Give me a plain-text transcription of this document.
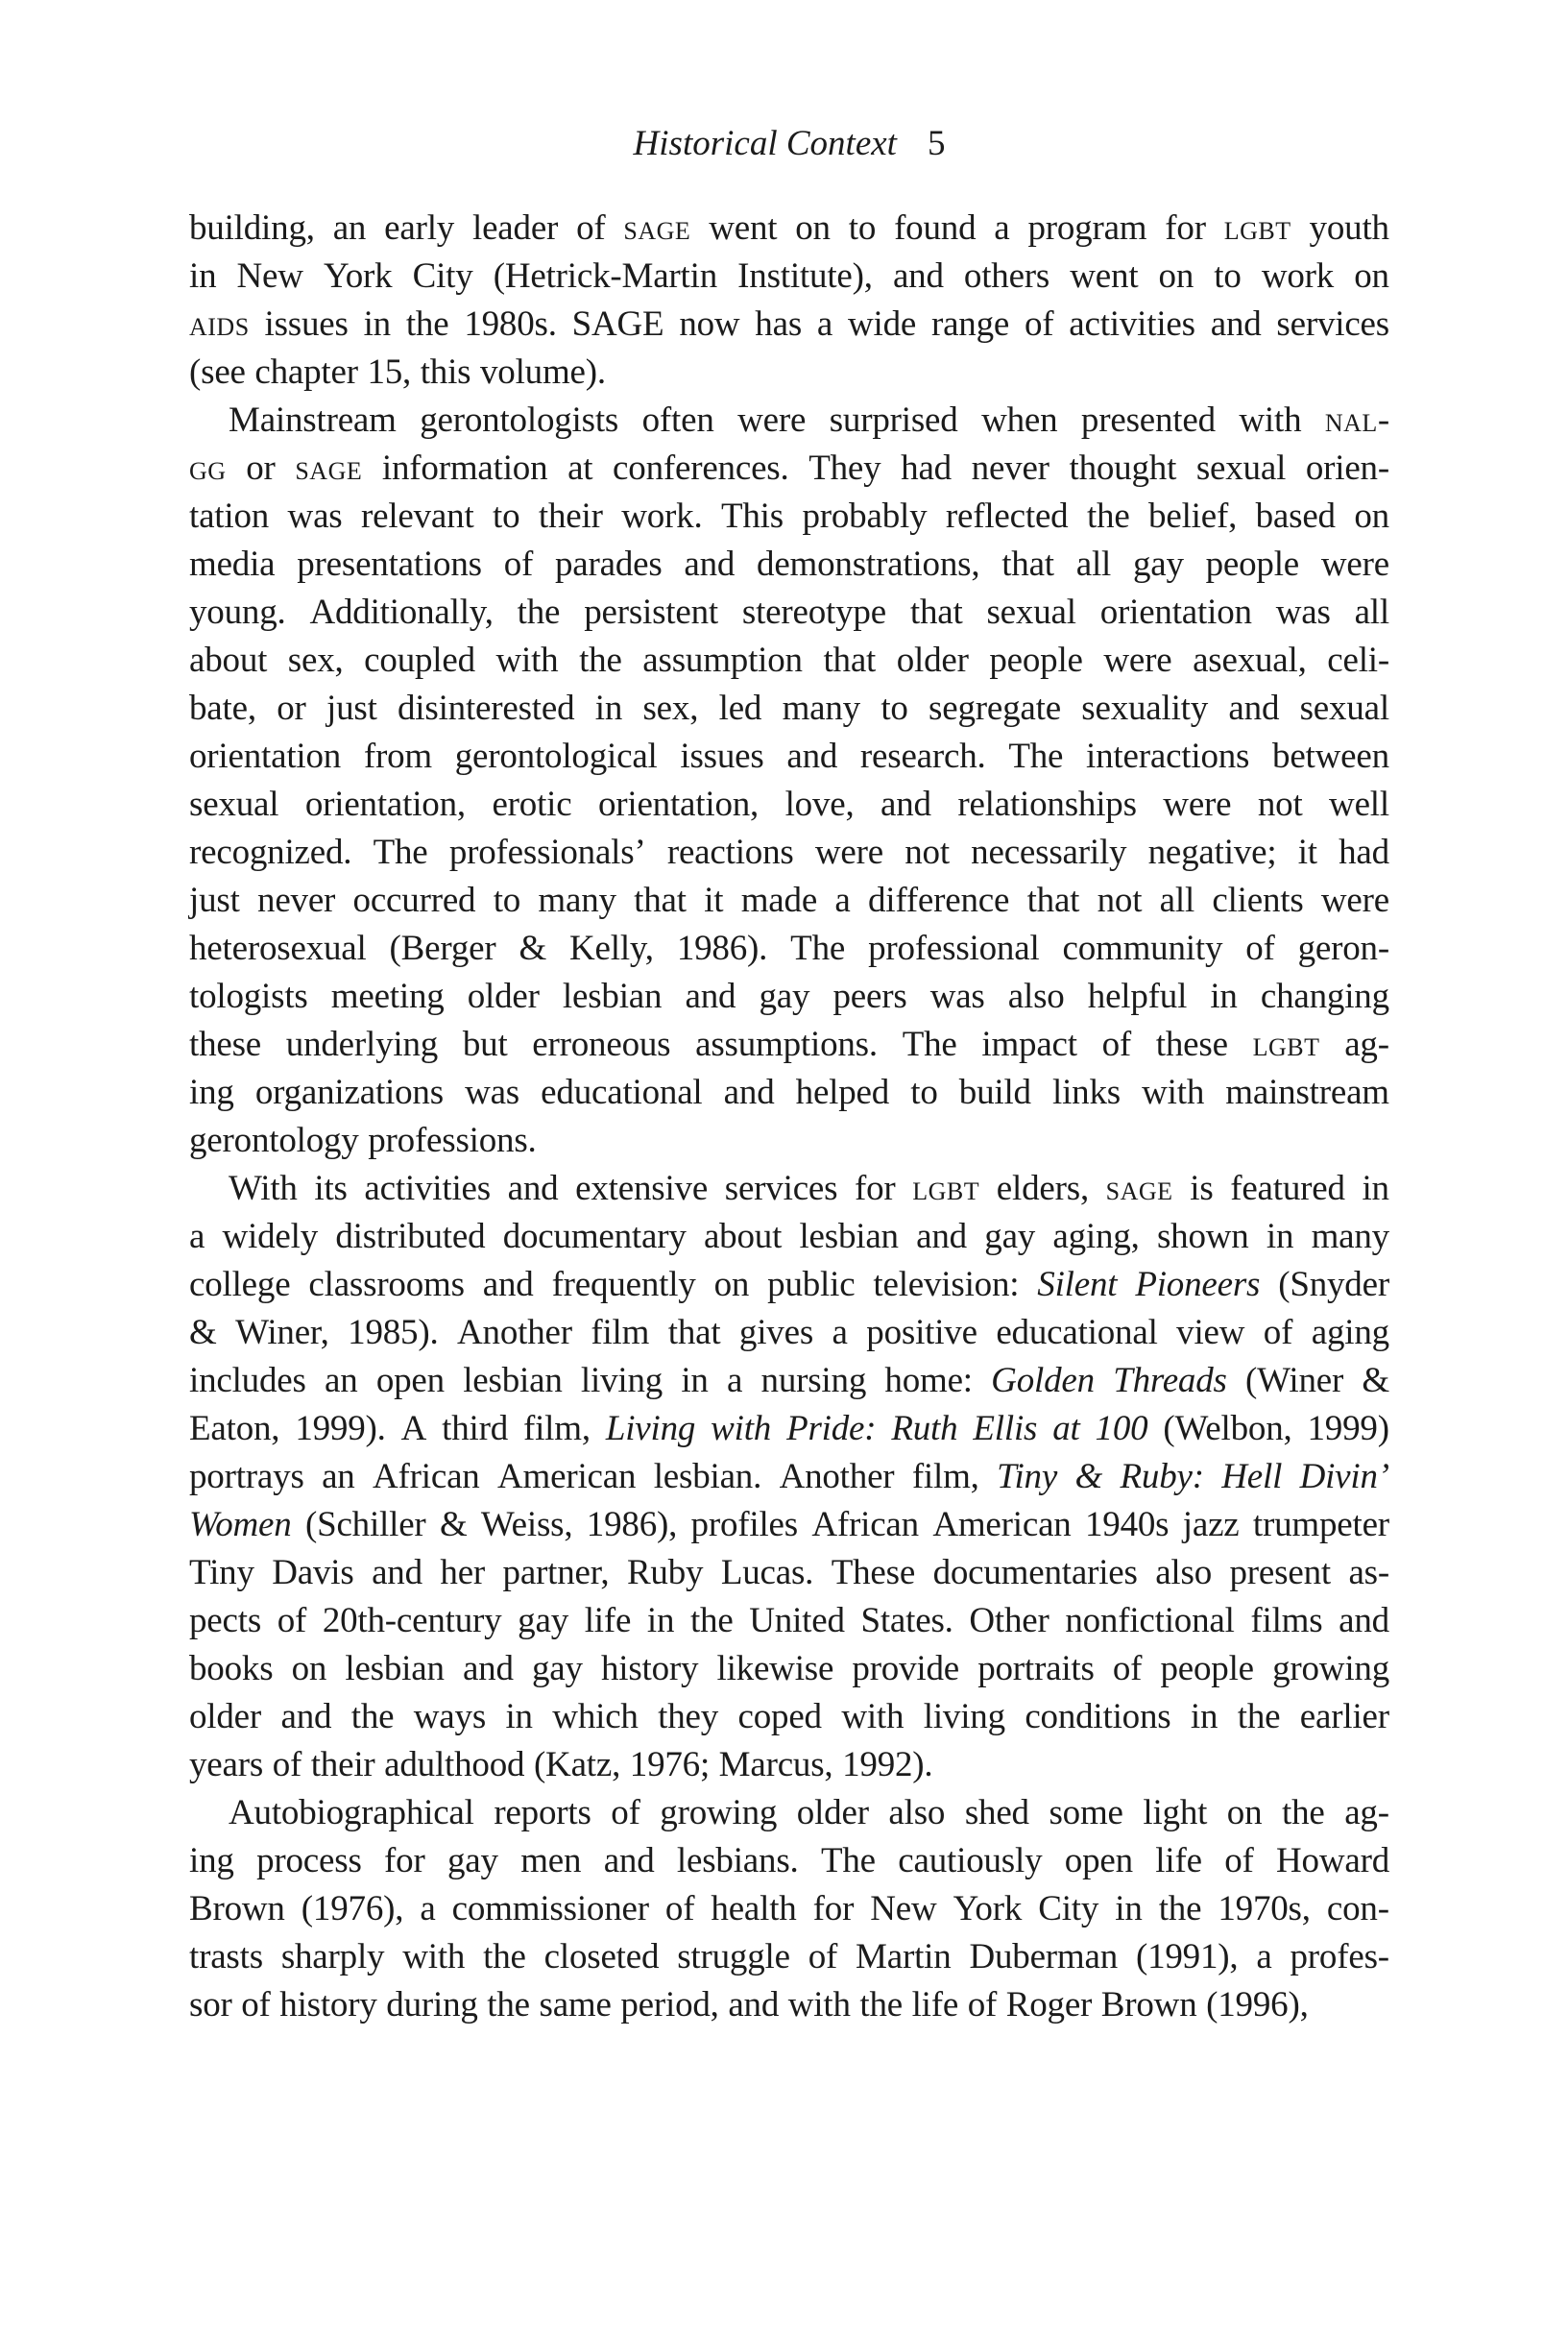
Historical Context 5
building, an early leader of sage went on to found a program for lgbt youth
in New York City (Hetrick-Martin Institute), and others went on to work on
aids issues in the 1980s. SAGE now has a wide range of activities and services
(see chapter 15, this volume).
Mainstream gerontologists often were surprised when presented with nal-
gg or sage information at conferences. They had never thought sexual orien-
tation was relevant to their work. This probably reflected the belief, based on
media presentations of parades and demonstrations, that all gay people were
young. Additionally, the persistent stereotype that sexual orientation was all
about sex, coupled with the assumption that older people were asexual, celi-
bate, or just disinterested in sex, led many to segregate sexuality and sexual
orientation from gerontological issues and research. The interactions between
sexual orientation, erotic orientation, love, and relationships were not well
recognized. The professionals’ reactions were not necessarily negative; it had
just never occurred to many that it made a difference that not all clients were
heterosexual (Berger & Kelly, 1986). The professional community of geron-
tologists meeting older lesbian and gay peers was also helpful in changing
these underlying but erroneous assumptions. The impact of these lgbt ag-
ing organizations was educational and helped to build links with mainstream
gerontology professions.
With its activities and extensive services for lgbt elders, sage is featured in
a widely distributed documentary about lesbian and gay aging, shown in many
college classrooms and frequently on public television: Silent Pioneers (Snyder
& Winer, 1985). Another film that gives a positive educational view of aging
includes an open lesbian living in a nursing home: Golden Threads (Winer &
Eaton, 1999). A third film, Living with Pride: Ruth Ellis at 100 (Welbon, 1999)
portrays an African American lesbian. Another film, Tiny & Ruby: Hell Divin’
Women (Schiller & Weiss, 1986), profiles African American 1940s jazz trumpeter
Tiny Davis and her partner, Ruby Lucas. These documentaries also present as-
pects of 20th-century gay life in the United States. Other nonfictional films and
books on lesbian and gay history likewise provide portraits of people growing
older and the ways in which they coped with living conditions in the earlier
years of their adulthood (Katz, 1976; Marcus, 1992).
Autobiographical reports of growing older also shed some light on the ag-
ing process for gay men and lesbians. The cautiously open life of Howard
Brown (1976), a commissioner of health for New York City in the 1970s, con-
trasts sharply with the closeted struggle of Martin Duberman (1991), a profes-
sor of history during the same period, and with the life of Roger Brown (1996),
